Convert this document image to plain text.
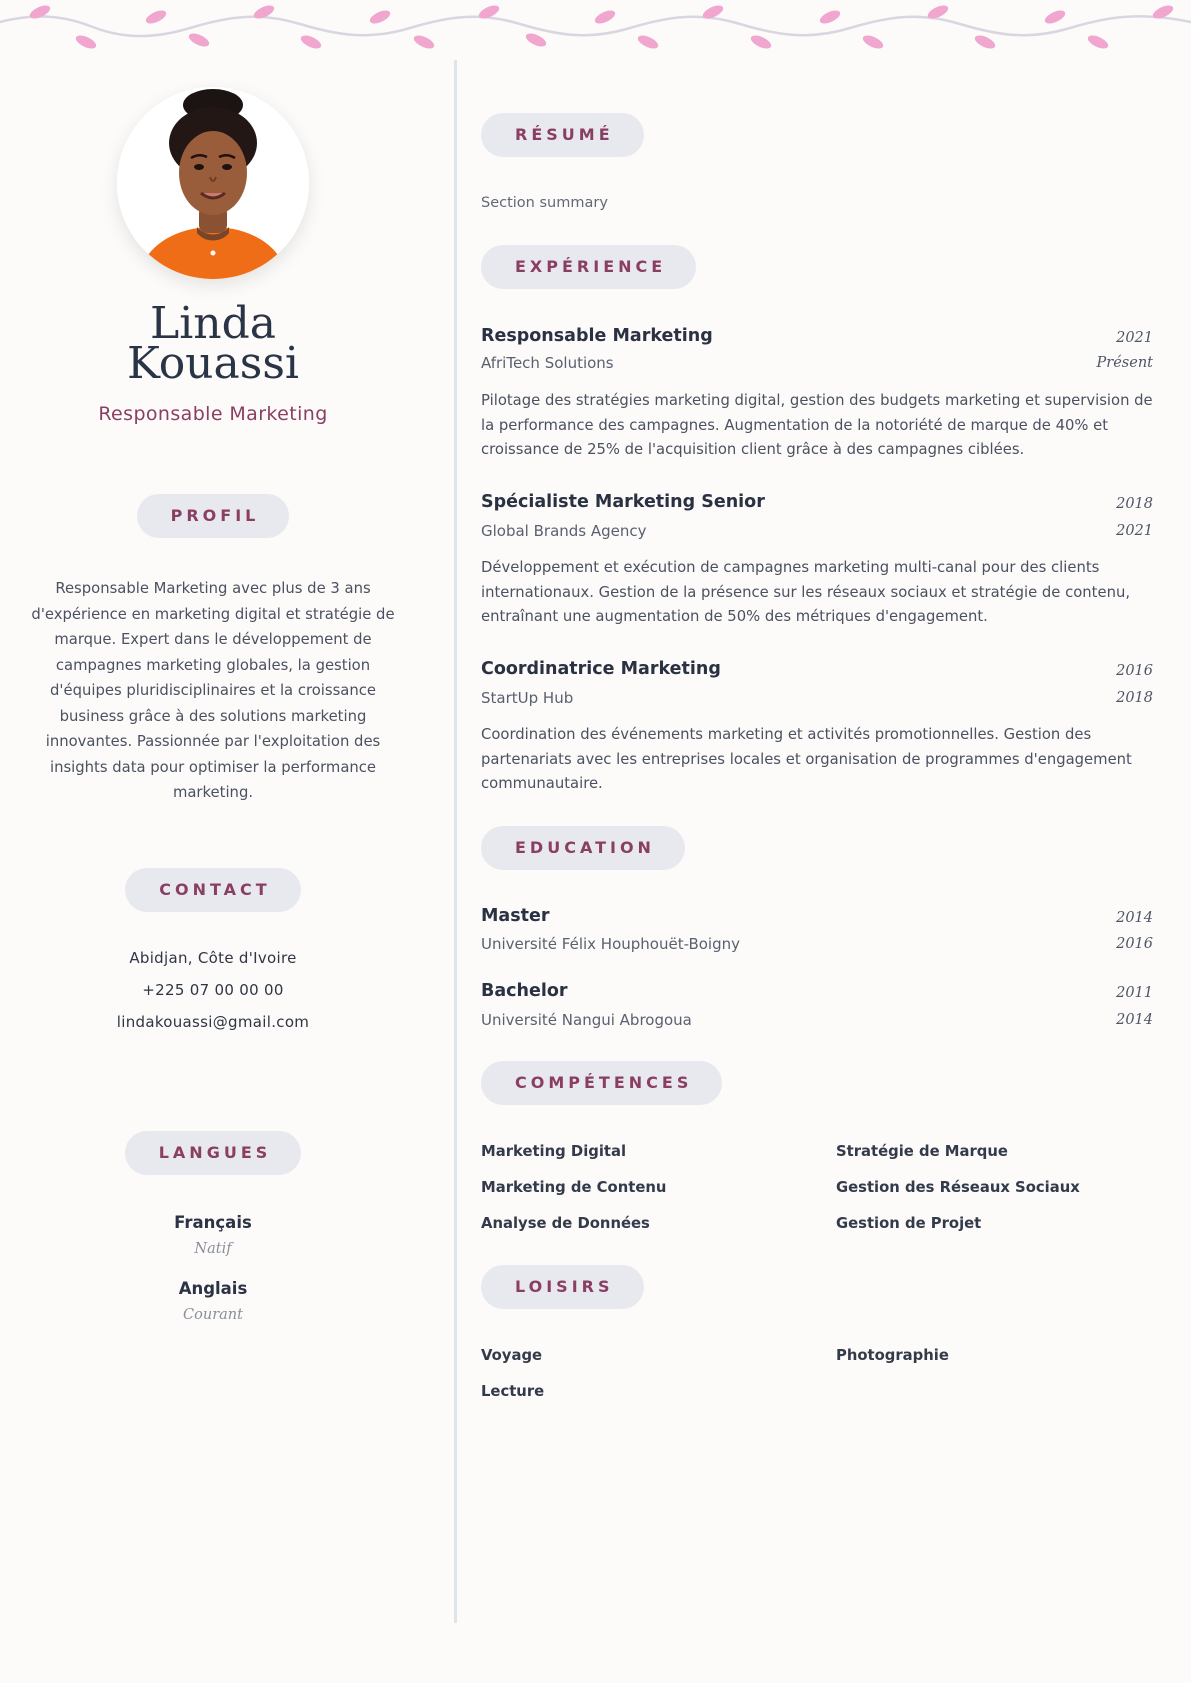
Linda
Kouassi
Responsable Marketing
PROFIL
Responsable Marketing avec plus de 3 ans d'expérience en marketing digital et stratégie de marque. Expert dans le développement de campagnes marketing globales, la gestion d'équipes pluridisciplinaires et la croissance business grâce à des solutions marketing innovantes. Passionnée par l'exploitation des insights data pour optimiser la performance marketing.
CONTACT
Abidjan, Côte d'Ivoire
+225 07 00 00 00
lindakouassi@gmail.com
LANGUES
Français
Natif
Anglais
Courant
RÉSUMÉ
Section summary
EXPÉRIENCE
Responsable Marketing	2021
AfriTech Solutions	Présent
Pilotage des stratégies marketing digital, gestion des budgets marketing et supervision de la performance des campagnes. Augmentation de la notoriété de marque de 40% et croissance de 25% de l'acquisition client grâce à des campagnes ciblées.
Spécialiste Marketing Senior	2018
Global Brands Agency	2021
Développement et exécution de campagnes marketing multi-canal pour des clients internationaux. Gestion de la présence sur les réseaux sociaux et stratégie de contenu, entraînant une augmentation de 50% des métriques d'engagement.
Coordinatrice Marketing	2016
StartUp Hub	2018
Coordination des événements marketing et activités promotionnelles. Gestion des partenariats avec les entreprises locales et organisation de programmes d'engagement communautaire.
EDUCATION
Master	2014
Université Félix Houphouët-Boigny	2016
Bachelor	2011
Université Nangui Abrogoua	2014
COMPÉTENCES
Marketing Digital	Stratégie de Marque
Marketing de Contenu	Gestion des Réseaux Sociaux
Analyse de Données	Gestion de Projet
LOISIRS
Voyage	Photographie
Lecture
